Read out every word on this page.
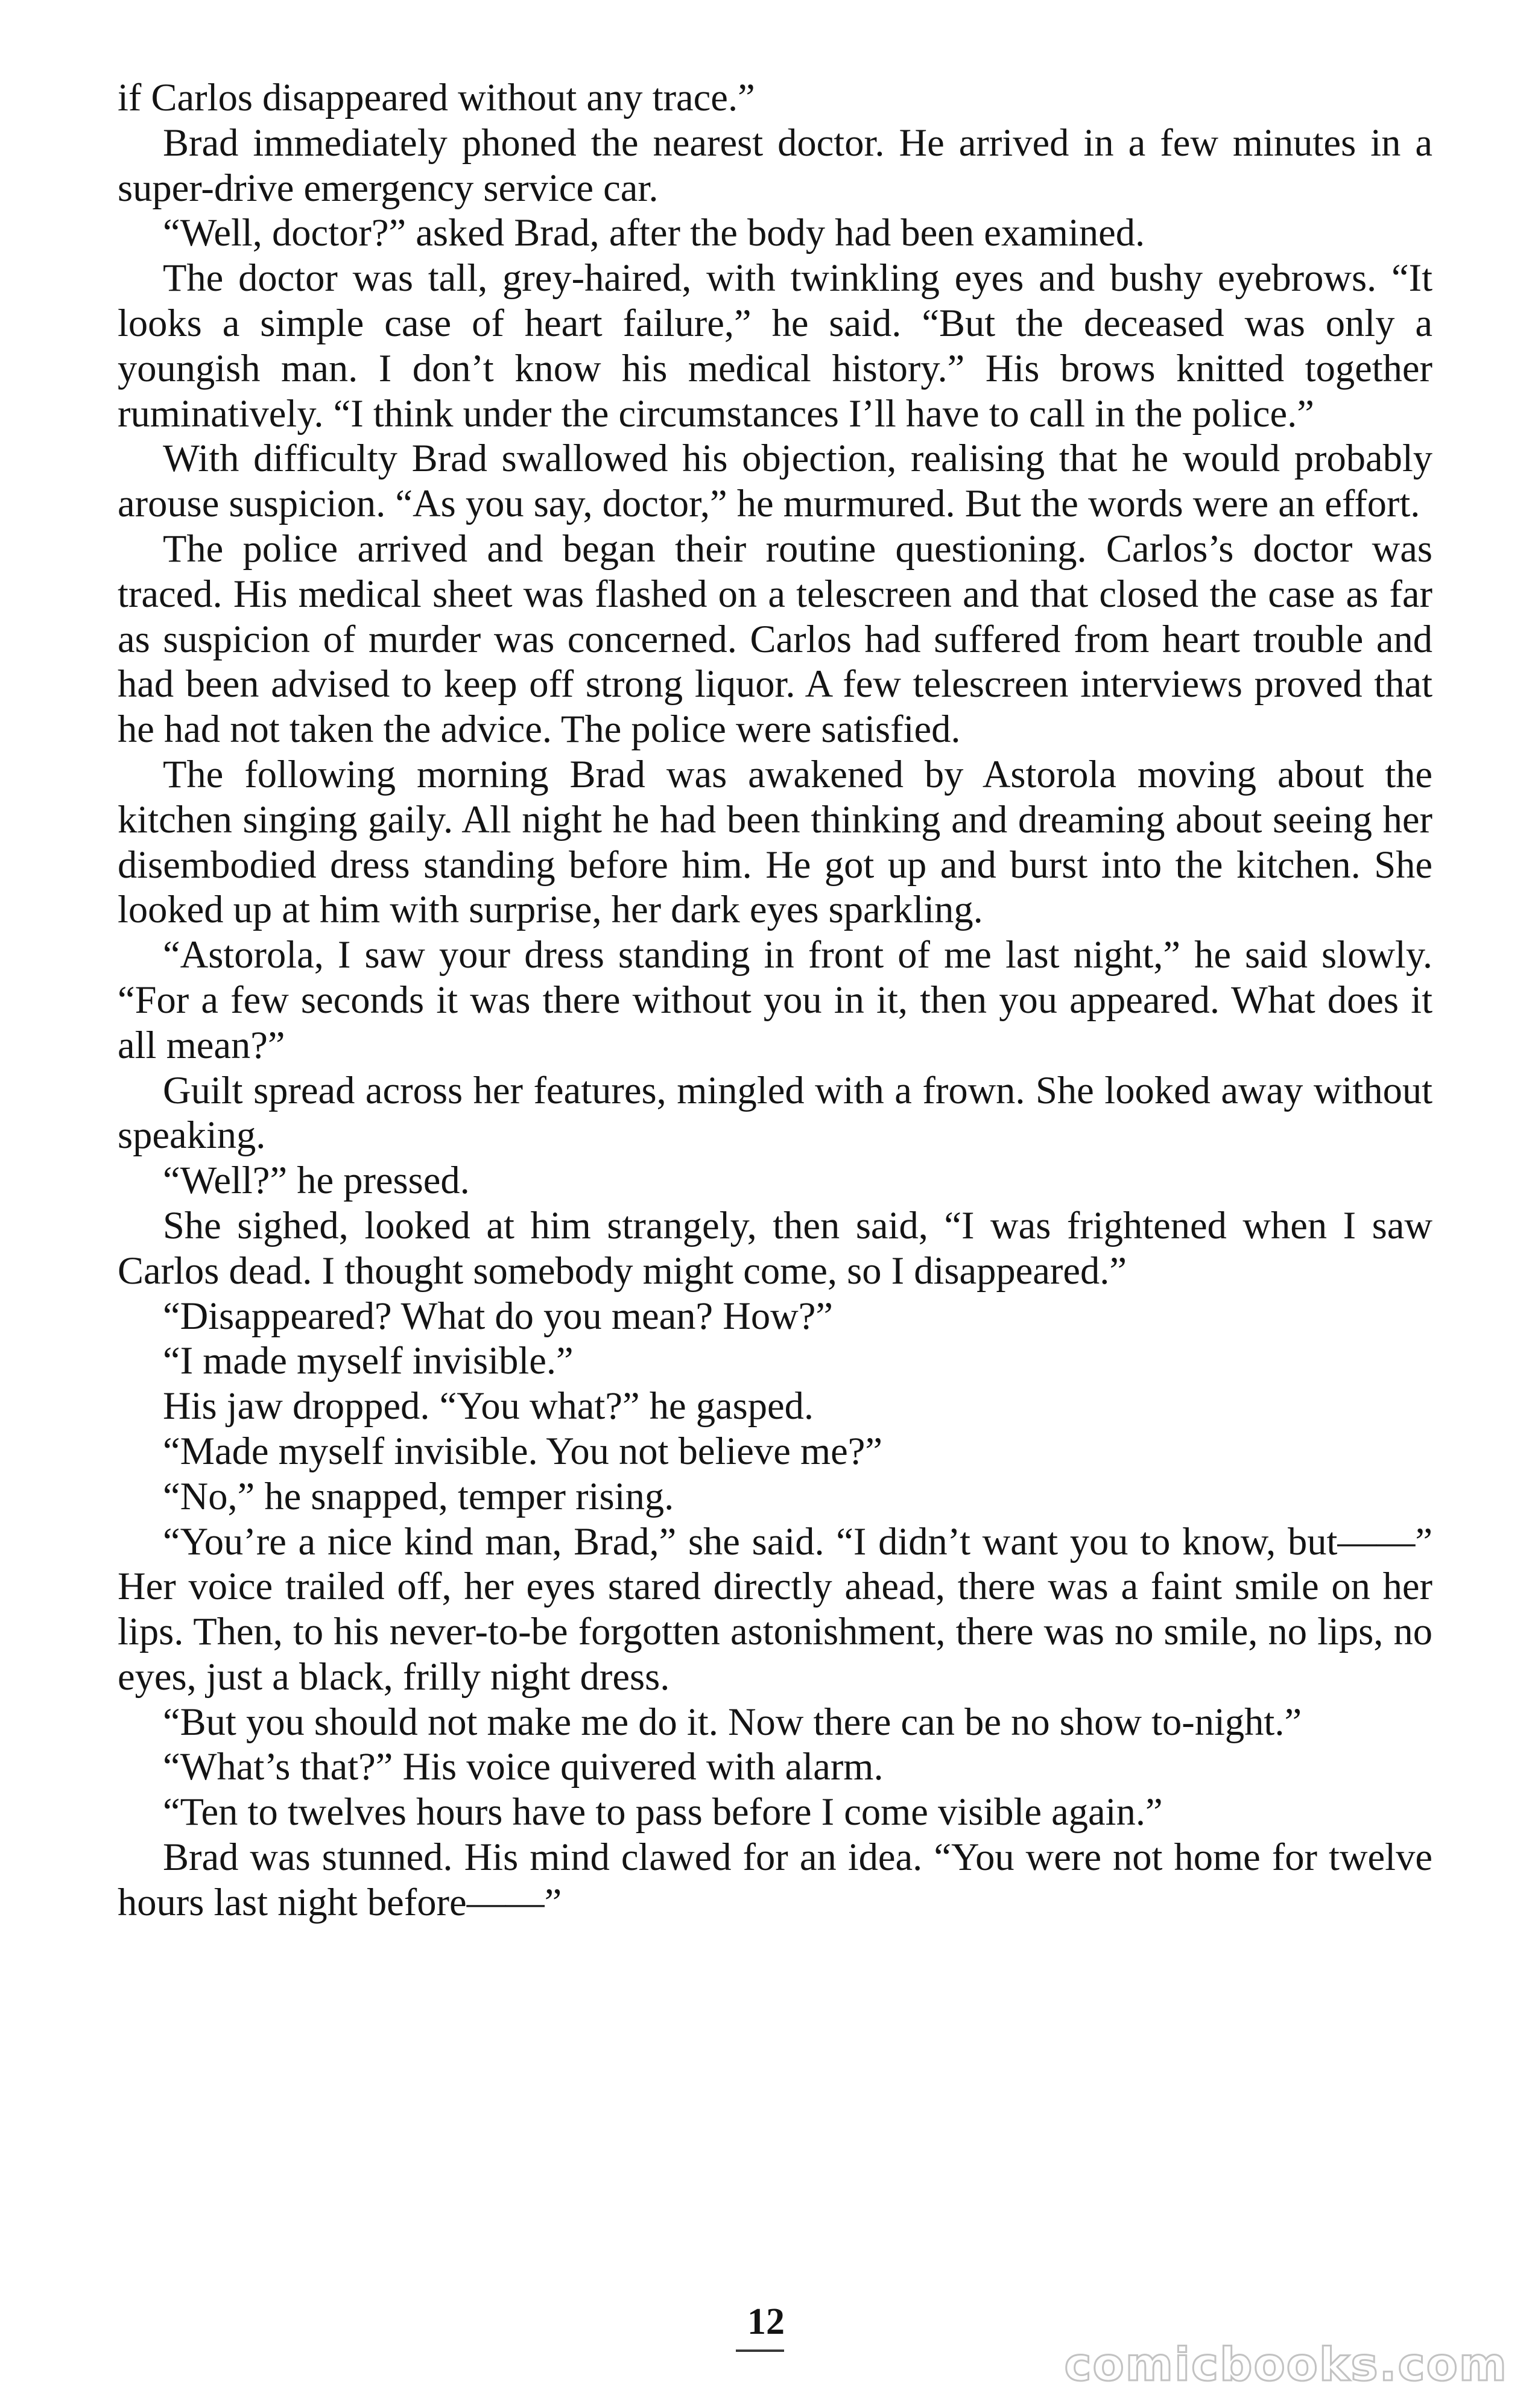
if Carlos disappeared without any trace.”

Brad immediately phoned the nearest doctor. He arrived in a few minutes in a super-drive emergency service car.

“Well, doctor?” asked Brad, after the body had been examined.

The doctor was tall, grey-haired, with twinkling eyes and bushy eyebrows. “It looks a simple case of heart failure,” he said. “But the deceased was only a youngish man. I don’t know his medical history.” His brows knitted together ruminatively. “I think under the circumstances I’ll have to call in the police.”

With difficulty Brad swallowed his objection, realising that he would probably arouse suspicion. “As you say, doctor,” he murmured. But the words were an effort.

The police arrived and began their routine questioning. Carlos’s doctor was traced. His medical sheet was flashed on a telescreen and that closed the case as far as suspicion of murder was concerned. Carlos had suffered from heart trouble and had been advised to keep off strong liquor. A few telescreen interviews proved that he had not taken the advice. The police were satisfied.

The following morning Brad was awakened by Astorola moving about the kitchen singing gaily. All night he had been thinking and dreaming about seeing her disembodied dress standing before him. He got up and burst into the kitchen. She looked up at him with surprise, her dark eyes sparkling.

“Astorola, I saw your dress standing in front of me last night,” he said slowly. “For a few seconds it was there without you in it, then you appeared. What does it all mean?”

Guilt spread across her features, mingled with a frown. She looked away without speaking.

“Well?” he pressed.

She sighed, looked at him strangely, then said, “I was frightened when I saw Carlos dead. I thought somebody might come, so I disappeared.”

“Disappeared? What do you mean? How?”

“I made myself invisible.”

His jaw dropped. “You what?” he gasped.

“Made myself invisible. You not believe me?”

“No,” he snapped, temper rising.

“You’re a nice kind man, Brad,” she said. “I didn’t want you to know, but——” Her voice trailed off, her eyes stared directly ahead, there was a faint smile on her lips. Then, to his never-to-be forgotten astonishment, there was no smile, no lips, no eyes, just a black, frilly night dress.

“But you should not make me do it. Now there can be no show to-night.”

“What’s that?” His voice quivered with alarm.

“Ten to twelves hours have to pass before I come visible again.”

Brad was stunned. His mind clawed for an idea. “You were not home for twelve hours last night before——”

12
comicbooks.com
